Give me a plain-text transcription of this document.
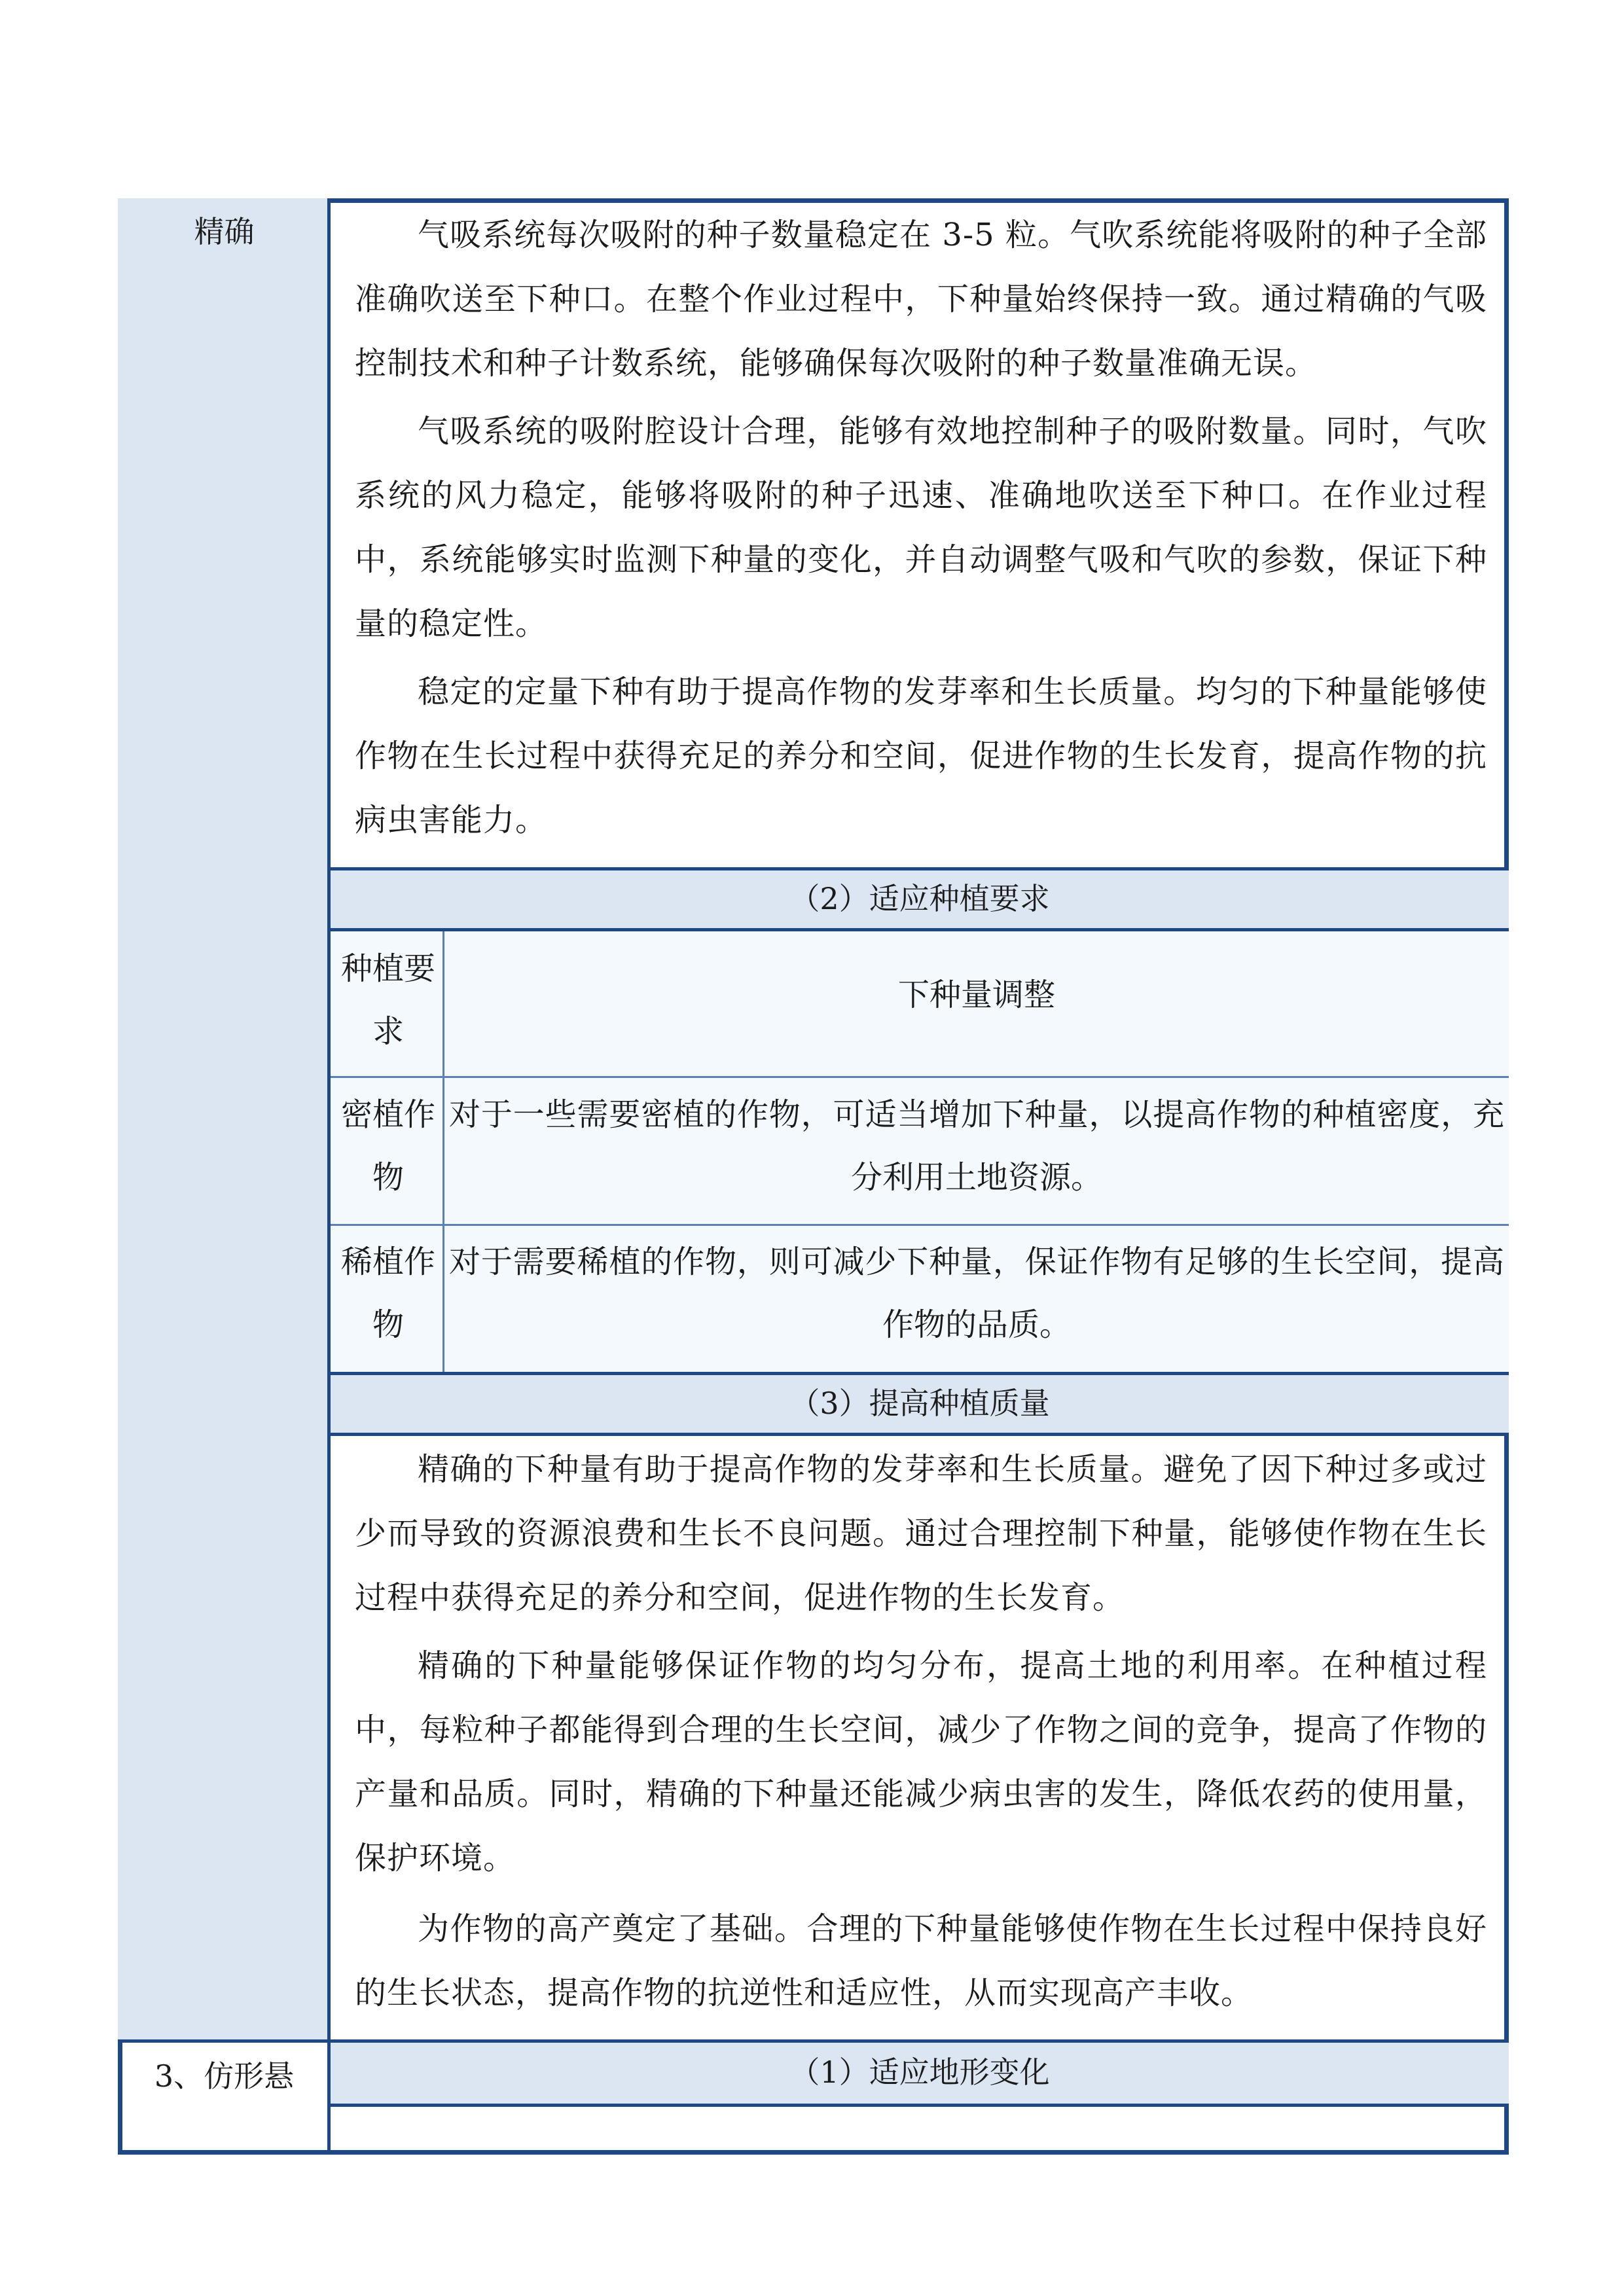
精确	气吸系统每次吸附的种子数量稳定在 3-5 粒。气吹系统能将吸附的种子全部准确吹送至下种口。在整个作业过程中，下种量始终保持一致。通过精确的气吸控制技术和种子计数系统，能够确保每次吸附的种子数量准确无误。
气吸系统的吸附腔设计合理，能够有效地控制种子的吸附数量。同时，气吹系统的风力稳定，能够将吸附的种子迅速、准确地吹送至下种口。在作业过程中，系统能够实时监测下种量的变化，并自动调整气吸和气吹的参数，保证下种量的稳定性。
稳定的定量下种有助于提高作物的发芽率和生长质量。均匀的下种量能够使作物在生长过程中获得充足的养分和空间，促进作物的生长发育，提高作物的抗病虫害能力。
（2）适应种植要求
种植要求
下种量调整
密植作物
对于一些需要密植的作物，可适当增加下种量，以提高作物的种植密度，充分利用土地资源。
稀植作物
对于需要稀植的作物，则可减少下种量，保证作物有足够的生长空间，提高作物的品质。
（3）提高种植质量
精确的下种量有助于提高作物的发芽率和生长质量。避免了因下种过多或过少而导致的资源浪费和生长不良问题。通过合理控制下种量，能够使作物在生长过程中获得充足的养分和空间，促进作物的生长发育。
精确的下种量能够保证作物的均匀分布，提高土地的利用率。在种植过程中，每粒种子都能得到合理的生长空间，减少了作物之间的竞争，提高了作物的产量和品质。同时，精确的下种量还能减少病虫害的发生，降低农药的使用量，保护环境。
为作物的高产奠定了基础。合理的下种量能够使作物在生长过程中保持良好的生长状态，提高作物的抗逆性和适应性，从而实现高产丰收。
3、仿形悬	（1）适应地形变化
